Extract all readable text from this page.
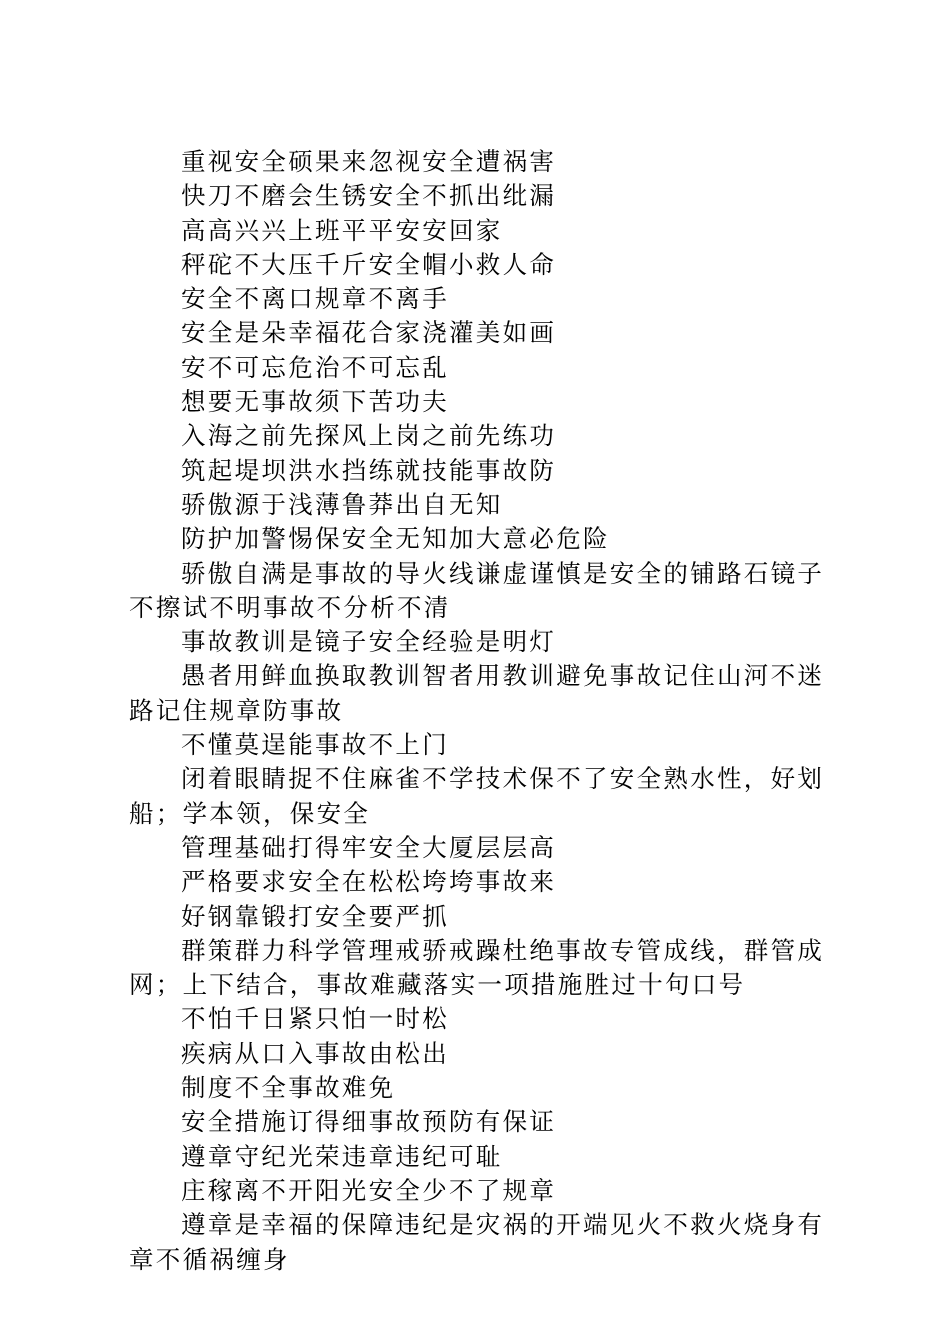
重视安全硕果来忽视安全遭祸害

快刀不磨会生锈安全不抓出纰漏

高高兴兴上班平平安安回家

秤砣不大压千斤安全帽小救人命

安全不离口规章不离手

安全是朵幸福花合家浇灌美如画

安不可忘危治不可忘乱

想要无事故须下苦功夫

入海之前先探风上岗之前先练功

筑起堤坝洪水挡练就技能事故防

骄傲源于浅薄鲁莽出自无知

防护加警惕保安全无知加大意必危险

骄傲自满是事故的导火线谦虚谨慎是安全的铺路石镜子不擦试不明事故不分析不清

事故教训是镜子安全经验是明灯

愚者用鲜血换取教训智者用教训避免事故记住山河不迷路记住规章防事故

不懂莫逞能事故不上门

闭着眼睛捉不住麻雀不学技术保不了安全熟水性，好划船；学本领，保安全

管理基础打得牢安全大厦层层高

严格要求安全在松松垮垮事故来

好钢靠锻打安全要严抓

群策群力科学管理戒骄戒躁杜绝事故专管成线，群管成网；上下结合，事故难藏落实一项措施胜过十句口号

不怕千日紧只怕一时松

疾病从口入事故由松出

制度不全事故难免

安全措施订得细事故预防有保证

遵章守纪光荣违章违纪可耻

庄稼离不开阳光安全少不了规章

遵章是幸福的保障违纪是灾祸的开端见火不救火烧身有章不循祸缠身
